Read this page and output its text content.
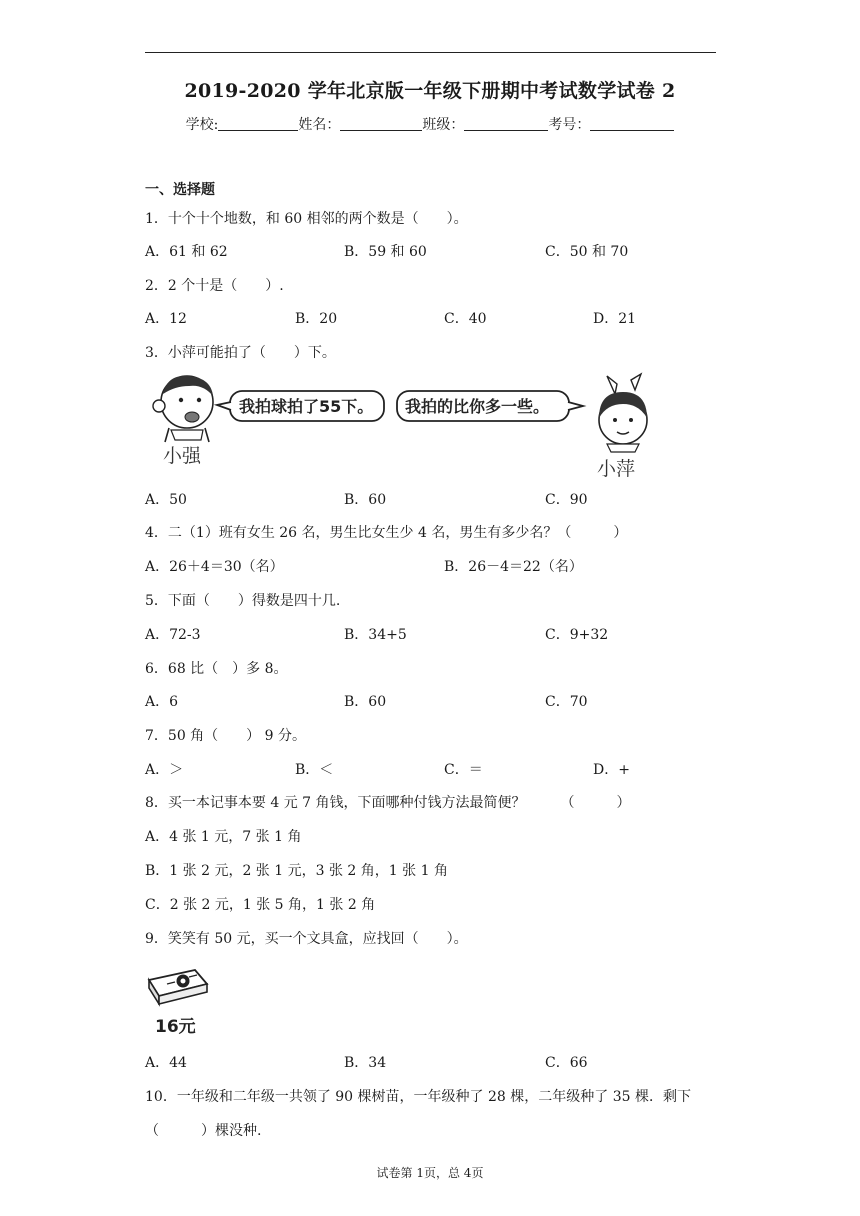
2019-2020 学年北京版一年级下册期中考试数学试卷 2
学校:	姓名：	班级：	考号：
一、选择题
1．十个十个地数，和 60 相邻的两个数是（　　）。
A．61 和 62	B．59 和 60	C．50 和 70
2．2 个十是（　　）.
A．12	B．20	C．40	D．21
3．小萍可能拍了（　　）下。
小强
我拍球拍了55下。 我拍的比你多一些。
小萍
A．50	B．60	C．90
4．二（1）班有女生 26 名，男生比女生少 4 名，男生有多少名？（　　　）
A．26＋4＝30（名）	B．26－4＝22（名）
5．下面（　　）得数是四十几.
A．72-3	B．34+5	C．9+32
6．68 比（　）多 8。
A．6	B．60	C．70
7．50 角（　　） 9 分。
A．＞	B．＜	C．＝	D．+
8．买一本记事本要 4 元 7 角钱，下面哪种付钱方法最简便？　　　（　　　）
A．4 张 1 元，7 张 1 角
B．1 张 2 元，2 张 1 元，3 张 2 角，1 张 1 角
C．2 张 2 元，1 张 5 角，1 张 2 角
9．笑笑有 50 元，买一个文具盒，应找回（　　）。
16元
A．44	B．34	C．66
10．一年级和二年级一共领了 90 棵树苗，一年级种了 28 棵，二年级种了 35 棵．剩下
（　　　）棵没种.
试卷第 1页，总 4页
